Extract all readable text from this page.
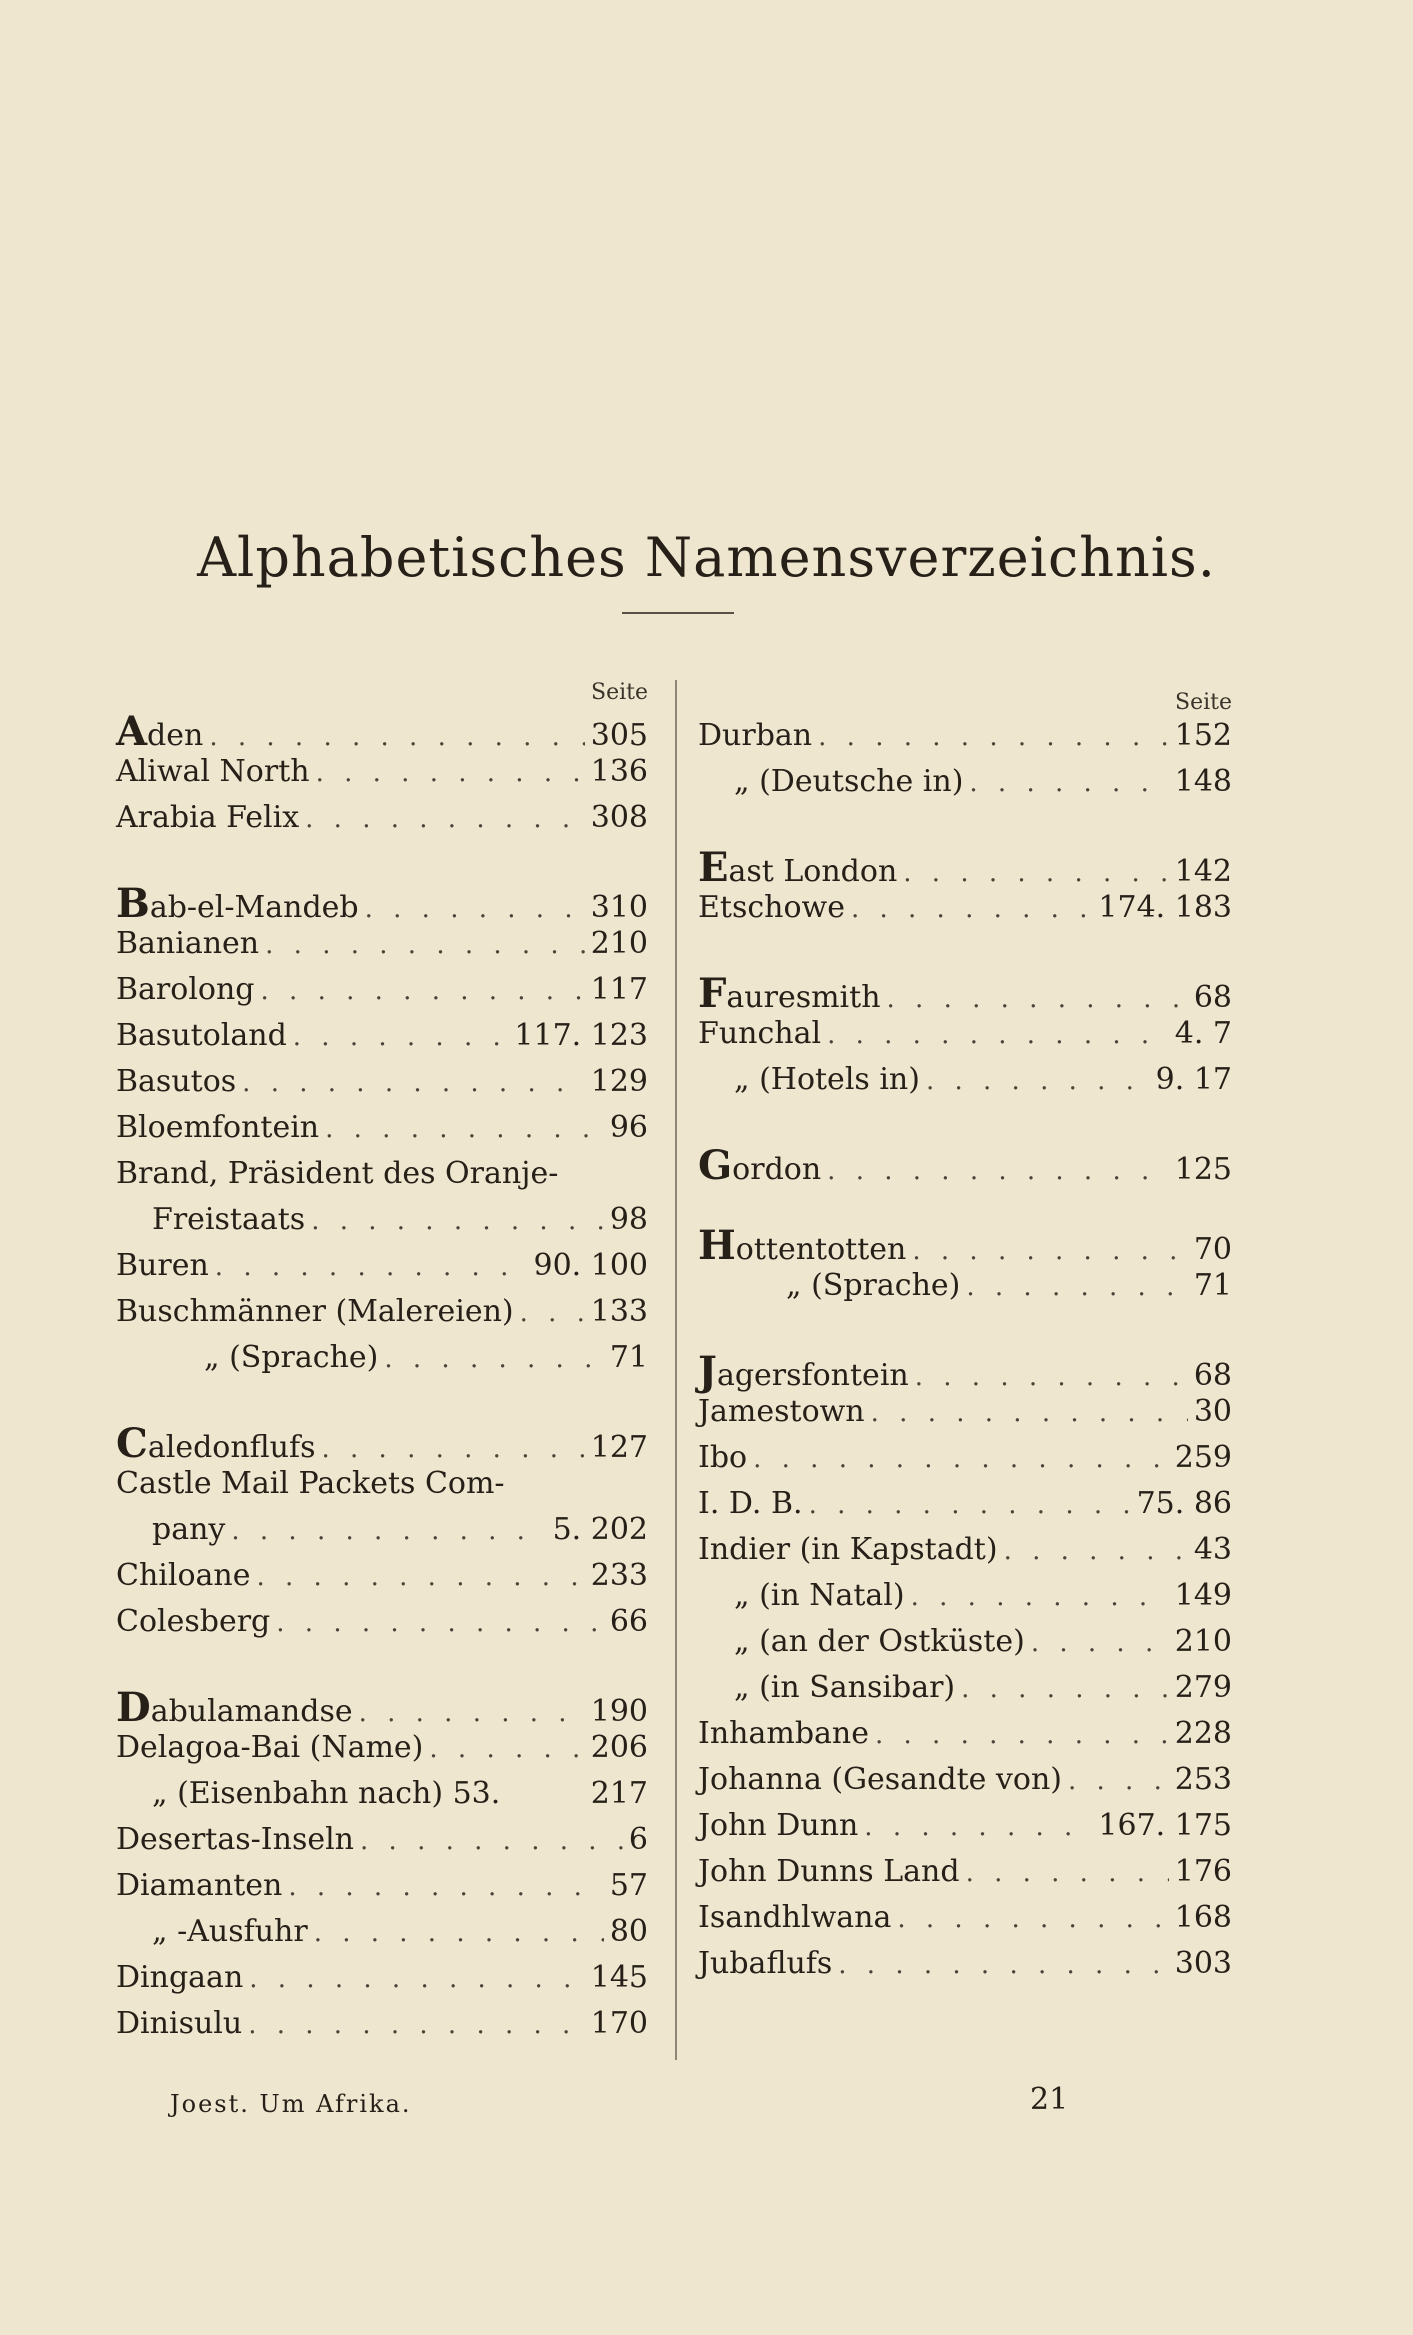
Alphabetisches Namensverzeichnis.
Seite
Aden . . .	305
Aliwal North . . .	136
Arabia Felix . . .	308
Bab-el-Mandeb . . .	310
Banianen . . .	210
Barolong . . .	117
Basutoland . . .	117. 123
Basutos . . .	129
Bloemfontein . . .	96
Brand, Präsident des Oranje-
Freistaats . . .	98
Buren . . .	90. 100
Buschmänner (Malereien) . . .	133
„ (Sprache) . . .	71
Caledonflufs . . .	127
Castle Mail Packets Com-
pany . . .	5. 202
Chiloane . . .	233
Colesberg . . .	66
Dabulamandse . . .	190
Delagoa-Bai (Name) . . .	206
„ (Eisenbahn nach) 53.	217
Desertas-Inseln . . .	6
Diamanten . . .	57
„ -Ausfuhr . . .	80
Dingaan . . .	145
Dinisulu . . .	170
Seite
Durban . . .	152
„ (Deutsche in) . . .	148
East London . . .	142
Etschowe . . .	174. 183
Fauresmith . . .	68
Funchal . . .	4. 7
„ (Hotels in) . . .	9. 17
Gordon . . .	125
Hottentotten . . .	70
„ (Sprache) . . .	71
Jagersfontein . . .	68
Jamestown . . .	30
Ibo . . .	259
I. D. B. . . .	75. 86
Indier (in Kapstadt) . . .	43
„ (in Natal) . . .	149
„ (an der Ostküste) . . .	210
„ (in Sansibar) . . .	279
Inhambane . . .	228
Johanna (Gesandte von) . . .	253
John Dunn . . .	167. 175
John Dunns Land . . .	176
Isandhlwana . . .	168
Jubaflufs . . .	303
Joest. Um Afrika.	21
